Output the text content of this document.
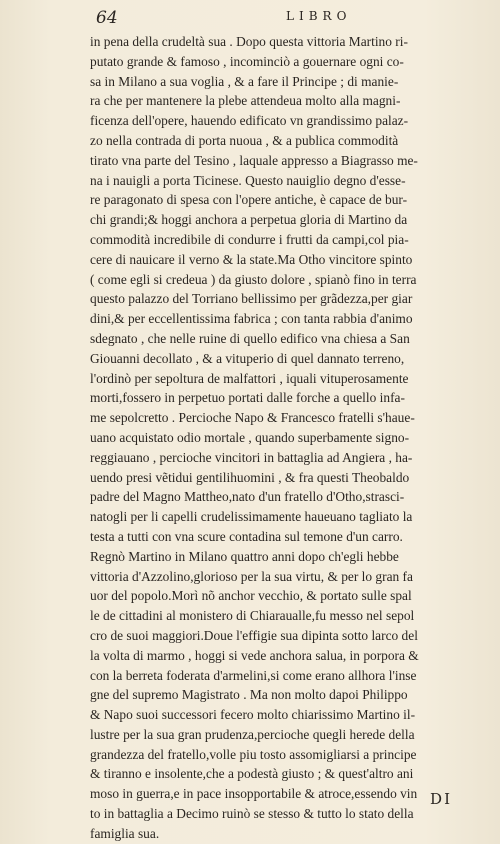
64	LIBRO
in pena della crudeltà sua . Dopo questa vittoria Martino ri-
putato grande & famoso , incominciò a gouernare ogni co-
sa in Milano a sua voglia , & a fare il Principe ; di manie-
ra che per mantenere la plebe attendeua molto alla magni-
ficenza dell'opere, hauendo edificato vn grandissimo palaz-
zo nella contrada di porta nuoua , & a publica commodità
tirato vna parte del Tesino , laquale appresso a Biagrasso me-
na i nauigli a porta Ticinese. Questo nauiglio degno d'esse-
re paragonato di spesa con l'opere antiche, è capace de bur-
chi grandi;& hoggi anchora a perpetua gloria di Martino da
commodità incredibile di condurre i frutti da campi,col pia-
cere di nauicare il verno & la state.Ma Otho vincitore spinto
( come egli si credeua ) da giusto dolore , spianò fino in terra
questo palazzo del Torriano bellissimo per grãdezza,per giar
dini,& per eccellentissima fabrica ; con tanta rabbia d'animo
sdegnato , che nelle ruine di quello edifico vna chiesa a San
Giouanni decollato , & a vituperio di quel dannato terreno,
l'ordinò per sepoltura de malfattori , iquali vituperosamente
morti,fossero in perpetuo portati dalle forche a quello infa-
me sepolcretto . Percioche Napo & Francesco fratelli s'haue-
uano acquistato odio mortale , quando superbamente signo-
reggiauano , percioche vincitori in battaglia ad Angiera , ha-
uendo presi vẽtidui gentilihuomini , & fra questi Theobaldo
padre del Magno Mattheo,nato d'un fratello d'Otho,strasci-
natogli per li capelli crudelissimamente haueuano tagliato la
testa a tutti con vna scure contadina sul temone d'un carro.
Regnò Martino in Milano quattro anni dopo ch'egli hebbe
vittoria d'Azzolino,glorioso per la sua virtu, & per lo gran fa
uor del popolo.Morì nõ anchor vecchio, & portato sulle spal
le de cittadini al monistero di Chiarauallе,fu messo nel sepol
cro de suoi maggiori.Doue l'effigie sua dipinta sotto larco del
la volta di marmo , hoggi si vede anchora salua, in porpora &
con la berreta foderata d'armelini,si come erano allhora l'inse
gne del supremo Magistrato . Ma non molto dapoi Philippo
& Napo suoi successori fecero molto chiarissimo Martino il-
lustre per la sua gran prudenza,percioche quegli herede della
grandezza del fratello,volle piu tosto assomigliarsi a principe
& tiranno e insolente,che a podestà giusto ; & quest'altro ani
moso in guerra,e in pace insopportabile & atroce,essendo vin
to in battaglia a Decimo ruinò se stesso & tutto lo stato della
famiglia sua.
DI
